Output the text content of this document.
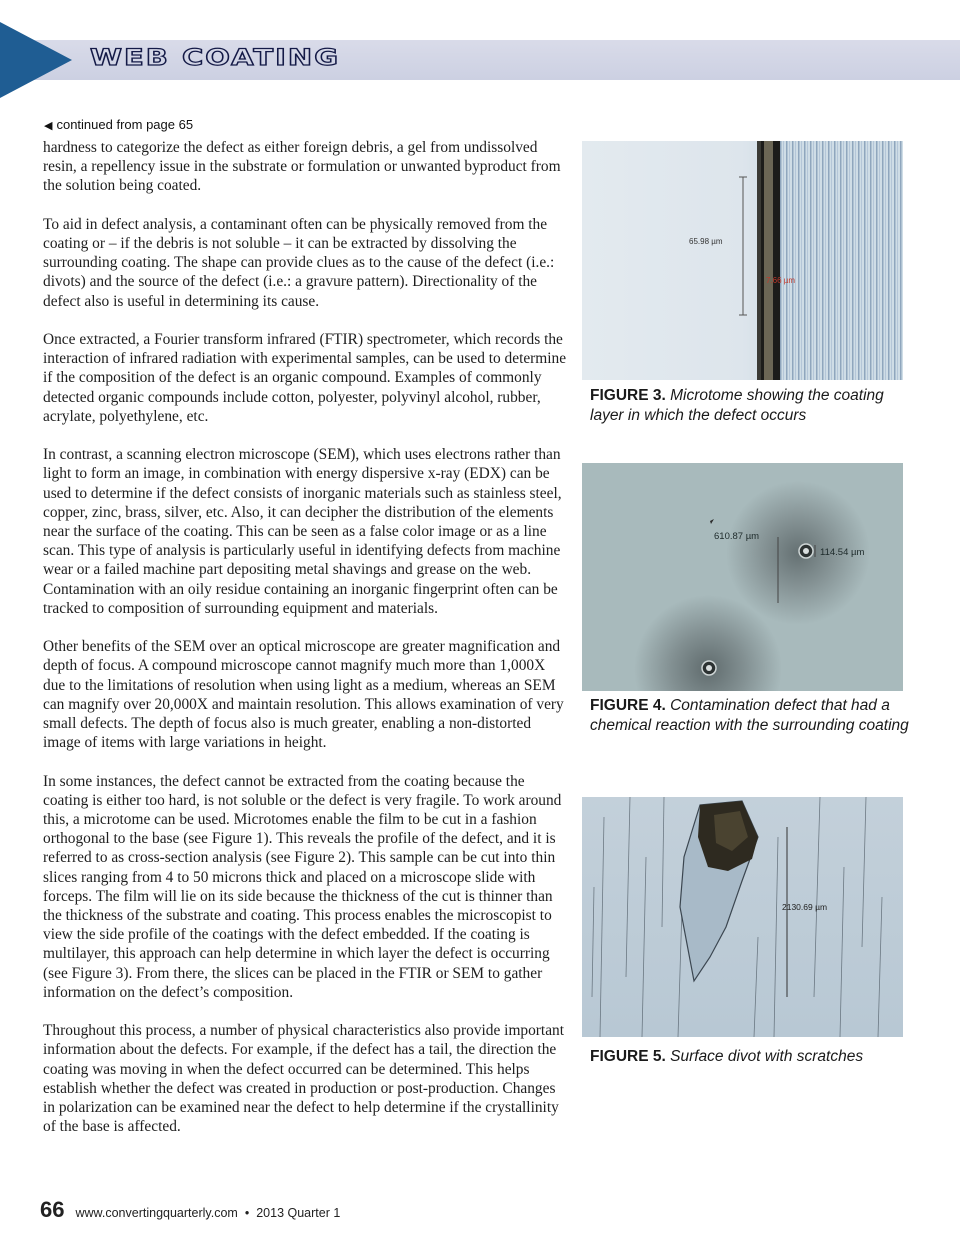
WEB COATING
◀ continued from page 65

hardness to categorize the defect as either foreign debris, a gel from undissolved resin, a repellency issue in the substrate or formulation or unwanted byproduct from the solution being coated.

To aid in defect analysis, a contaminant often can be physically removed from the coating or – if the debris is not soluble – it can be extracted by dissolving the surrounding coating. The shape can provide clues as to the cause of the defect (i.e.: divots) and the source of the defect (i.e.: a gravure pattern). Directionality of the defect also is useful in determining its cause.

Once extracted, a Fourier transform infrared (FTIR) spectrometer, which records the interaction of infrared radiation with experimental samples, can be used to determine if the composition of the defect is an organic compound. Examples of commonly detected organic compounds include cotton, polyester, polyvinyl alcohol, rubber, acrylate, polyethylene, etc.

In contrast, a scanning electron microscope (SEM), which uses electrons rather than light to form an image, in combination with energy dispersive x-ray (EDX) can be used to determine if the defect consists of inorganic materials such as stainless steel, copper, zinc, brass, silver, etc. Also, it can decipher the distribution of the elements near the surface of the coating. This can be seen as a false color image or as a line scan. This type of analysis is particularly useful in identifying defects from machine wear or a failed machine part depositing metal shavings and grease on the web. Contamination with an oily residue containing an inorganic fingerprint often can be tracked to composition of surrounding equipment and materials.

Other benefits of the SEM over an optical microscope are greater magnification and depth of focus. A compound microscope cannot magnify much more than 1,000X due to the limitations of resolution when using light as a medium, whereas an SEM can magnify over 20,000X and maintain resolution. This allows examination of very small defects. The depth of focus also is much greater, enabling a non-distorted image of items with large variations in height.

In some instances, the defect cannot be extracted from the coating because the coating is either too hard, is not soluble or the defect is very fragile. To work around this, a microtome can be used. Microtomes enable the film to be cut in a fashion orthogonal to the base (see Figure 1). This reveals the profile of the defect, and it is referred to as cross-section analysis (see Figure 2). This sample can be cut into thin slices ranging from 4 to 50 microns thick and placed on a microscope slide with forceps. The film will lie on its side because the thickness of the cut is thinner than the thickness of the substrate and coating. This process enables the microscopist to view the side profile of the coatings with the defect embedded. If the coating is multilayer, this approach can help determine in which layer the defect is occurring (see Figure 3). From there, the slices can be placed in the FTIR or SEM to gather information on the defect’s composition.

Throughout this process, a number of physical characteristics also provide important information about the defects. For example, if the defect has a tail, the direction the coating was moving in when the defect occurred can be determined. This helps establish whether the defect was created in production or post-production. Changes in polarization can be examined near the defect to help determine if the crystallinity of the base is affected.

65.98 µm
7.66 µm

FIGURE 3. Microtome showing the coating layer in which the defect occurs

610.87 µm
114.54 µm

FIGURE 4. Contamination defect that had a chemical reaction with the surrounding coating

2130.69 µm

FIGURE 5. Surface divot with scratches

66 www.convertingquarterly.com • 2013 Quarter 1
